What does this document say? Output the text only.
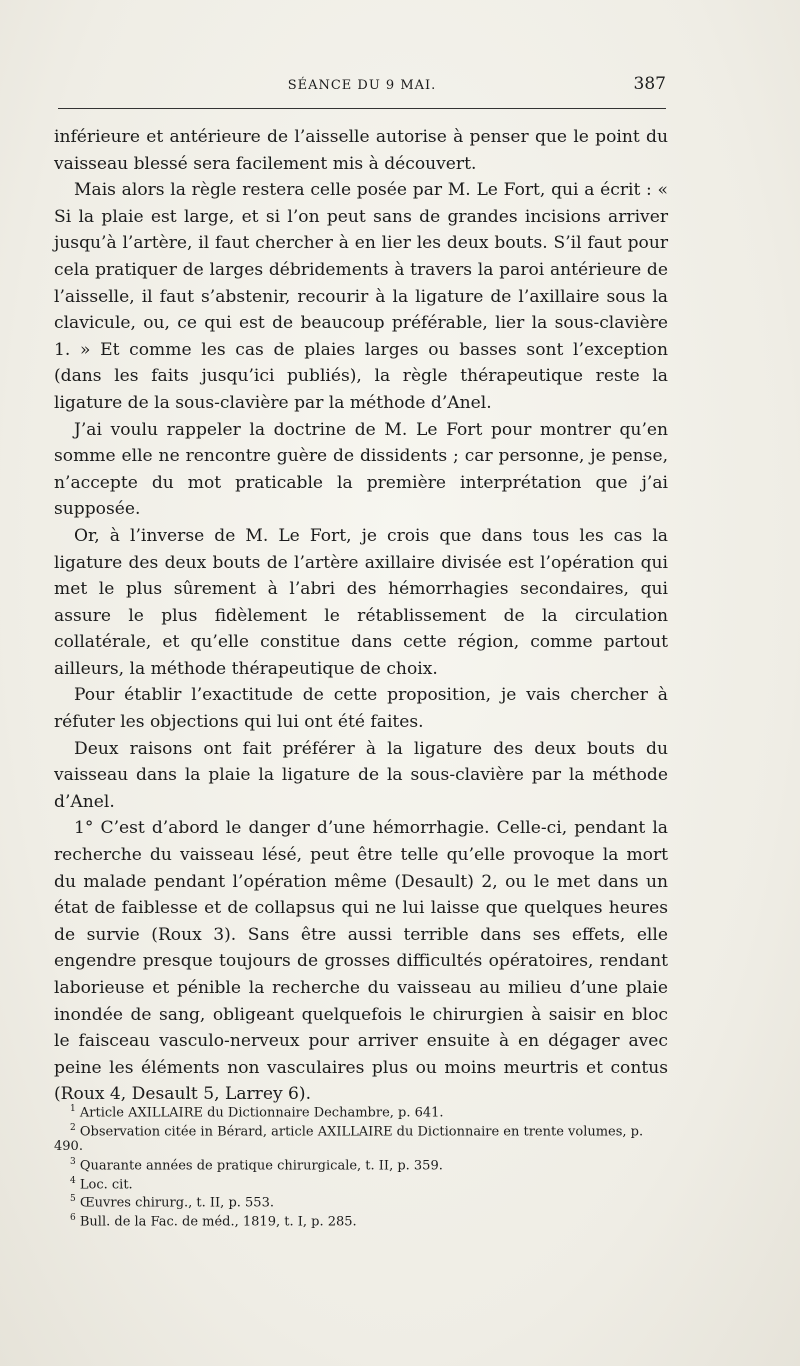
SÉANCE DU 9 MAI.	387

inférieure et antérieure de l’aisselle autorise à penser que le point du vaisseau blessé sera facilement mis à découvert.

Mais alors la règle restera celle posée par M. Le Fort, qui a écrit : « Si la plaie est large, et si l’on peut sans de grandes incisions arriver jusqu’à l’artère, il faut chercher à en lier les deux bouts. S’il faut pour cela pratiquer de larges débridements à travers la paroi antérieure de l’aisselle, il faut s’abstenir, recourir à la ligature de l’axillaire sous la clavicule, ou, ce qui est de beaucoup préférable, lier la sous-clavière 1. » Et comme les cas de plaies larges ou basses sont l’exception (dans les faits jusqu’ici publiés), la règle thérapeutique reste la ligature de la sous-clavière par la méthode d’Anel.

J’ai voulu rappeler la doctrine de M. Le Fort pour montrer qu’en somme elle ne rencontre guère de dissidents ; car personne, je pense, n’accepte du mot praticable la première interprétation que j’ai supposée.

Or, à l’inverse de M. Le Fort, je crois que dans tous les cas la ligature des deux bouts de l’artère axillaire divisée est l’opération qui met le plus sûrement à l’abri des hémorrhagies secondaires, qui assure le plus fidèlement le rétablissement de la circulation collatérale, et qu’elle constitue dans cette région, comme partout ailleurs, la méthode thérapeutique de choix.

Pour établir l’exactitude de cette proposition, je vais chercher à réfuter les objections qui lui ont été faites.

Deux raisons ont fait préférer à la ligature des deux bouts du vaisseau dans la plaie la ligature de la sous-clavière par la méthode d’Anel.

1° C’est d’abord le danger d’une hémorrhagie. Celle-ci, pendant la recherche du vaisseau lésé, peut être telle qu’elle provoque la mort du malade pendant l’opération même (Desault) 2, ou le met dans un état de faiblesse et de collapsus qui ne lui laisse que quelques heures de survie (Roux 3). Sans être aussi terrible dans ses effets, elle engendre presque toujours de grosses difficultés opératoires, rendant laborieuse et pénible la recherche du vaisseau au milieu d’une plaie inondée de sang, obligeant quelquefois le chirurgien à saisir en bloc le faisceau vasculo-nerveux pour arriver ensuite à en dégager avec peine les éléments non vasculaires plus ou moins meurtris et contus (Roux 4, Desault 5, Larrey 6).

$^1$ Article AXILLAIRE du Dictionnaire Dechambre, p. 641.
$^2$ Observation citée in Bérard, article AXILLAIRE du Dictionnaire en trente volumes, p. 490.
$^3$ Quarante années de pratique chirurgicale, t. II, p. 359.
$^4$ Loc. cit.
$^5$ Œuvres chirurg., t. II, p. 553.
$^6$ Bull. de la Fac. de méd., 1819, t. I, p. 285.
